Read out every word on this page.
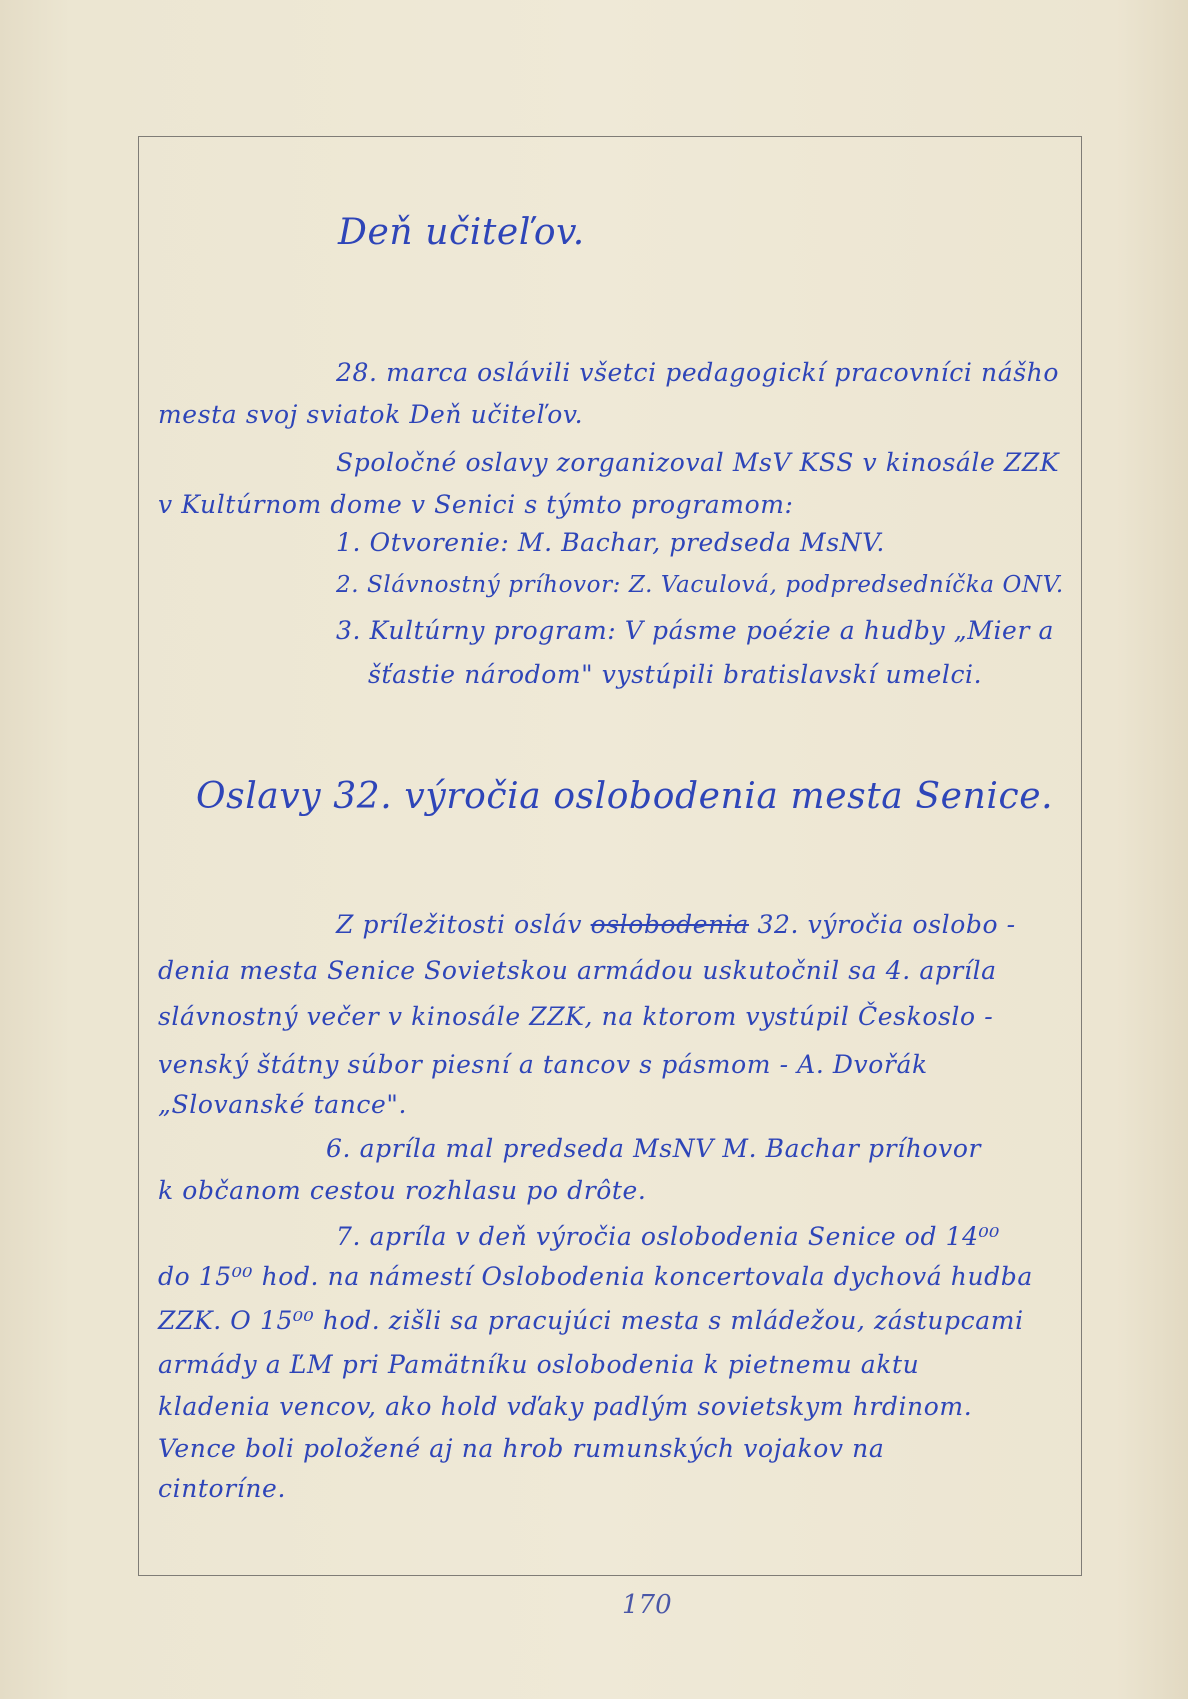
Deň učiteľov.
28. marca oslávili všetci pedagogickí pracovníci nášho
mesta svoj sviatok Deň učiteľov.
Spoločné oslavy zorganizoval MsV KSS v kinosále ZZK
v Kultúrnom dome v Senici s týmto programom:
1. Otvorenie: M. Bachar, predseda MsNV.
2. Slávnostný príhovor: Z. Vaculová, podpredsedníčka ONV.
3. Kultúrny program: V pásme poézie a hudby „Mier a
šťastie národom" vystúpili bratislavskí umelci.
Oslavy 32. výročia oslobodenia mesta Senice.
Z príležitosti osláv oslobodenia 32. výročia oslobo -
denia mesta Senice Sovietskou armádou uskutočnil sa 4. apríla
slávnostný večer v kinosále ZZK, na ktorom vystúpil Českoslo -
venský štátny súbor piesní a tancov s pásmom - A. Dvořák
„Slovanské tance".
6. apríla mal predseda MsNV M. Bachar príhovor
k občanom cestou rozhlasu po drôte.
7. apríla v deň výročia oslobodenia Senice od 14⁰⁰
do 15⁰⁰ hod. na námestí Oslobodenia koncertovala dychová hudba
ZZK. O 15⁰⁰ hod. zišli sa pracujúci mesta s mládežou, zástupcami
armády a ĽM pri Pamätníku oslobodenia k pietnemu aktu
kladenia vencov, ako hold vďaky padlým sovietskym hrdinom.
Vence boli položené aj na hrob rumunských vojakov na
cintoríne.
170
